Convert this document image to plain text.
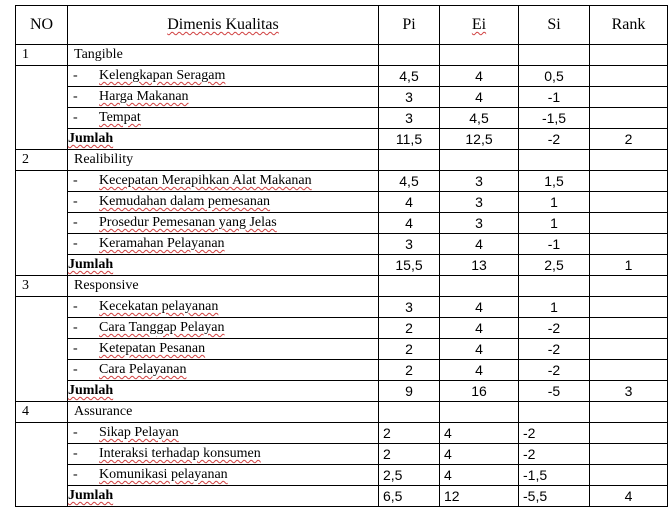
NO	Dimenis Kualitas	Pi	Ei	Si	Rank
1	Tangible				
	- Kelengkapan Seragam	4,5	4	0,5	
	- Harga Makanan	3	4	-1	
	- Tempat	3	4,5	-1,5	
	Jumlah	11,5	12,5	-2	2
2	Realibility				
	- Kecepatan Merapihkan Alat Makanan	4,5	3	1,5	
	- Kemudahan dalam pemesanan	4	3	1	
	- Prosedur Pemesanan yang Jelas	4	3	1	
	- Keramahan Pelayanan	3	4	-1	
	Jumlah	15,5	13	2,5	1
3	Responsive				
	- Kecekatan pelayanan	3	4	1	
	- Cara Tanggap Pelayan	2	4	-2	
	- Ketepatan Pesanan	2	4	-2	
	- Cara Pelayanan	2	4	-2	
	Jumlah	9	16	-5	3
4	Assurance				
	- Sikap Pelayan	2	4	-2	
	- Interaksi terhadap konsumen	2	4	-2	
	- Komunikasi pelayanan	2,5	4	-1,5	
	Jumlah	6,5	12	-5,5	4
